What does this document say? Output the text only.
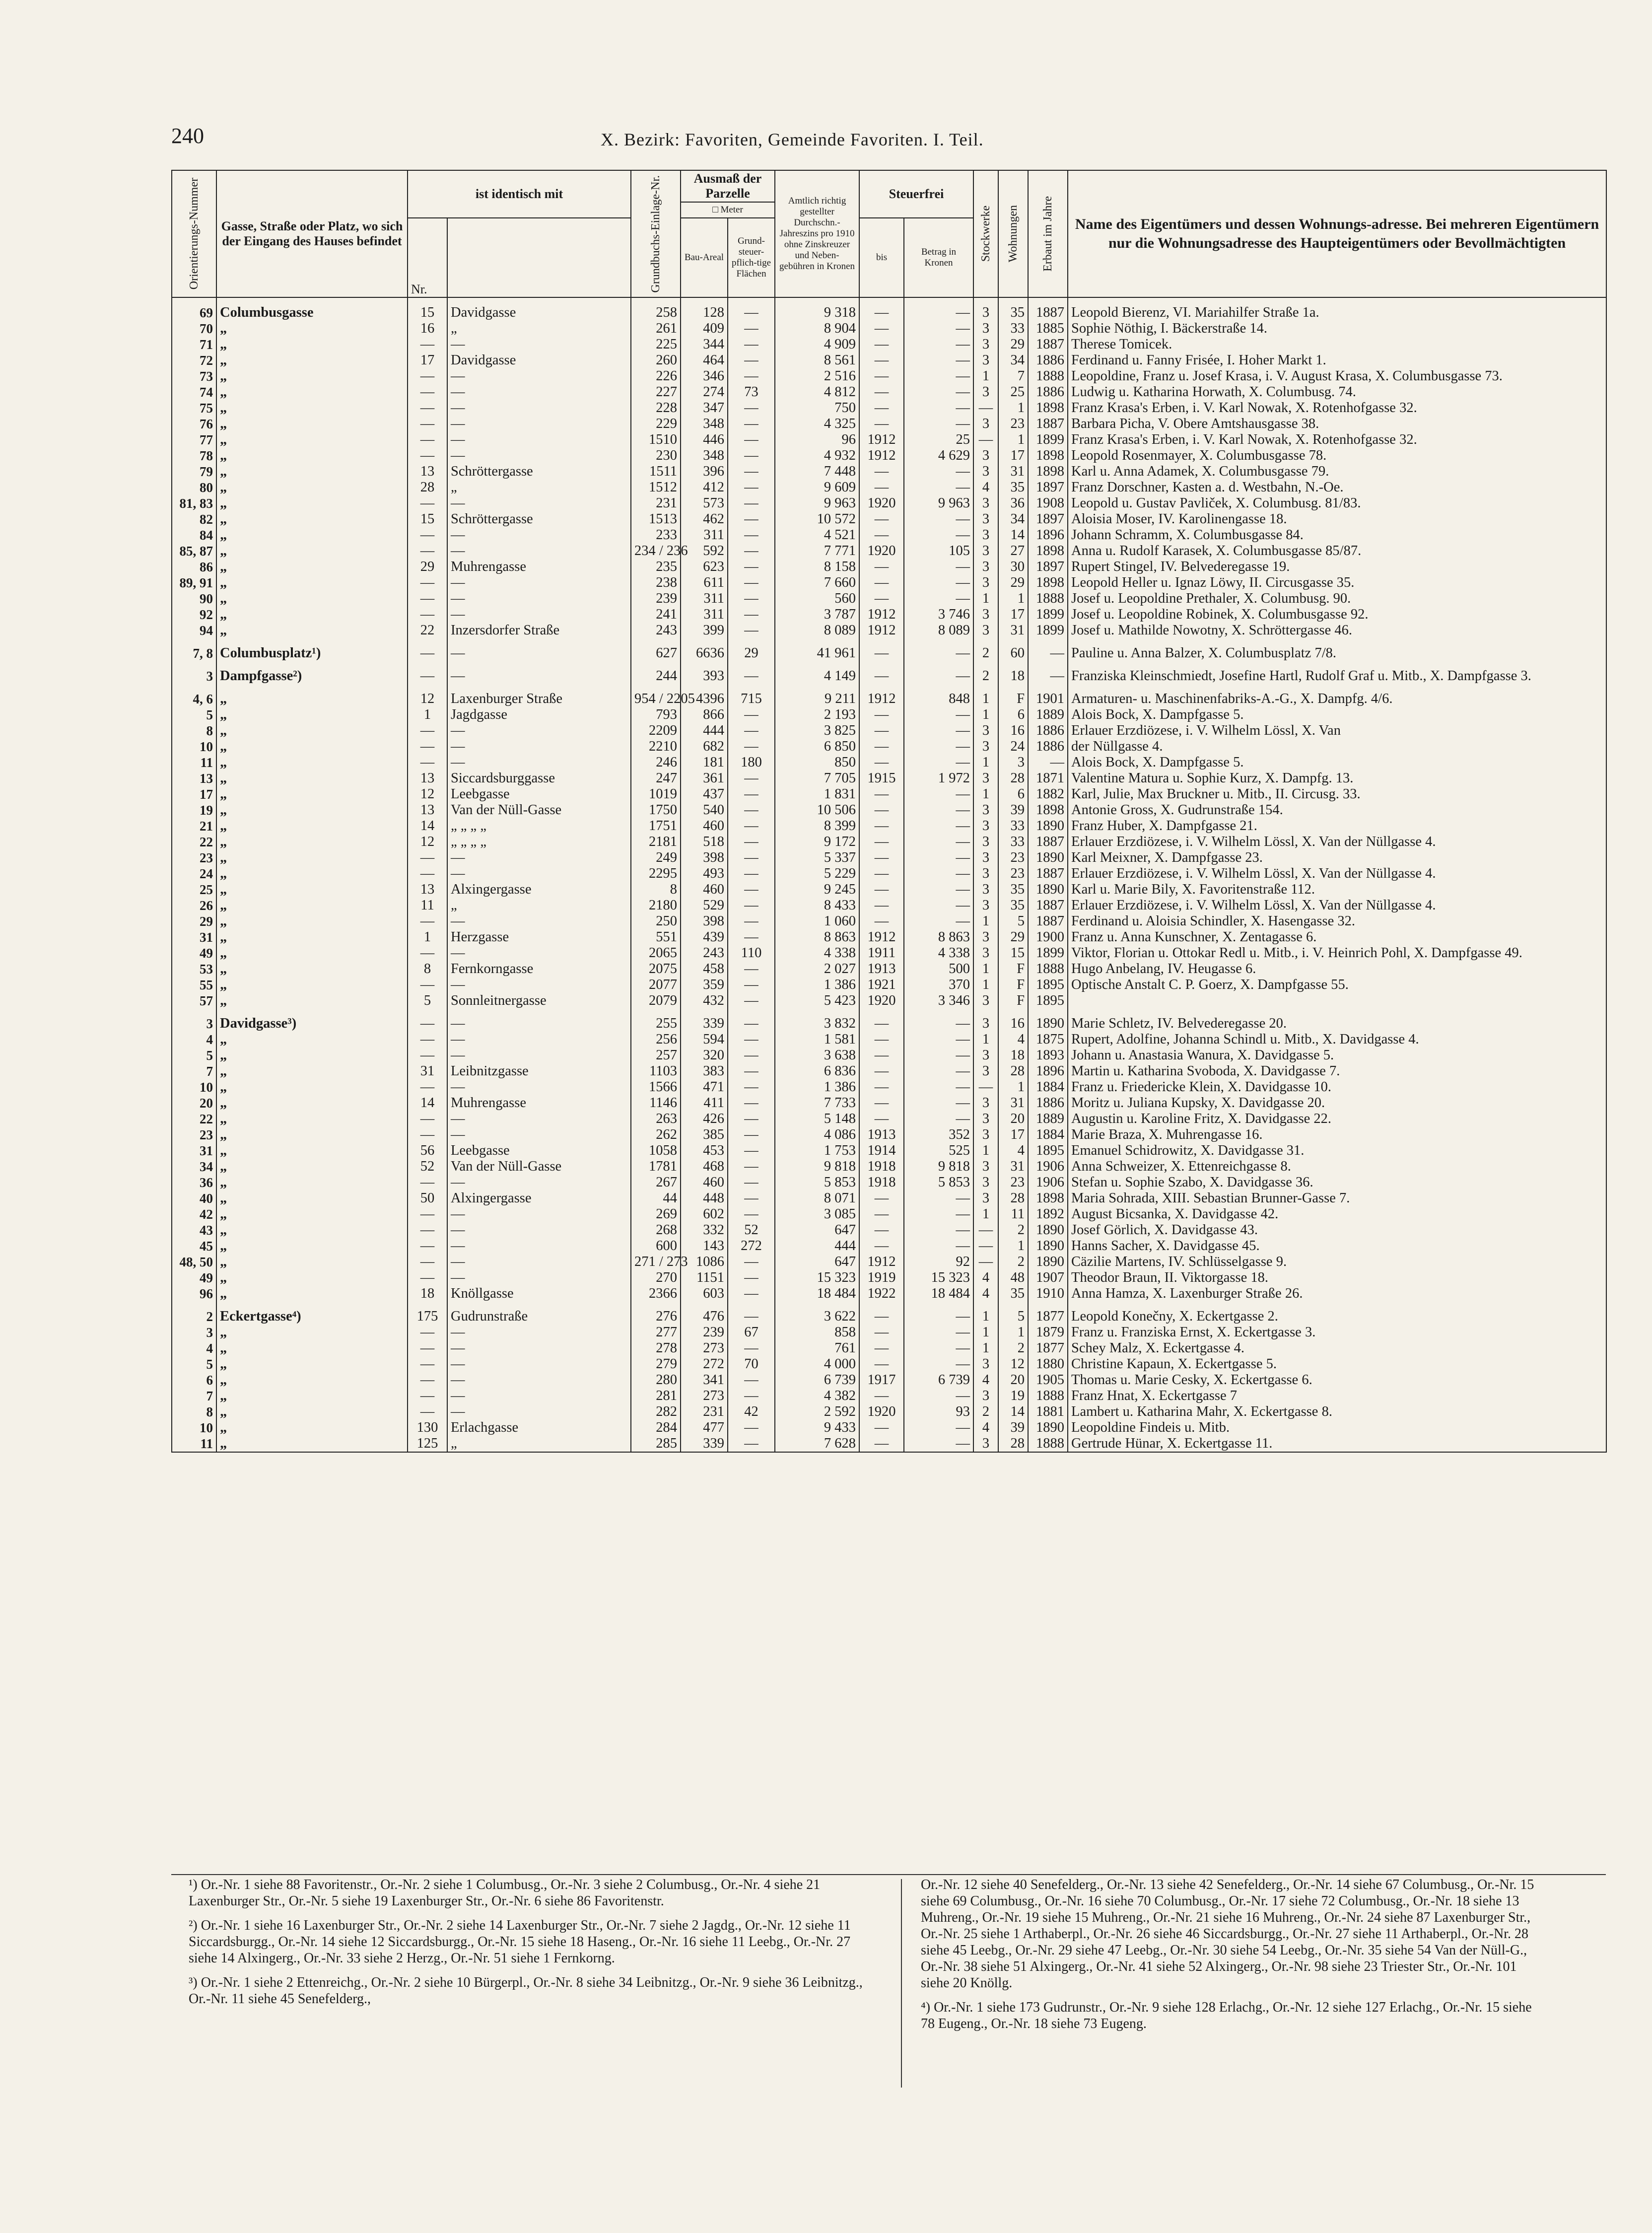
240	X. Bezirk: Favoriten, Gemeinde Favoriten. I. Teil.
Orientierungs-Nummer	Gasse, Straße oder Platz, wo sich der Eingang des Hauses befindet	ist identisch mit		Grundbuchs-Einlage-Nr.	Ausmaß der Parzelle		Amtlich richtig gestellter Durchschn.-Jahreszins pro 1910 ohne Zinskreuzer und Neben-gebühren in Kronen	Steuerfrei		Stockwerke	Wohnungen	Erbaut im Jahre	Name des Eigentümers und dessen Wohnungs-adresse. Bei mehreren Eigentümern nur die Wohnungsadresse des Haupteigentümers oder Bevollmächtigten
					□ Meter								
		Nr.			Bau-Areal	Grund-steuer-pflich-tige Flächen		bis	Betrag in Kronen				
69	Columbusgasse	15	Davidgasse	258	128	—	9 318	—	—	3	35	1887	Leopold Bierenz, VI. Mariahilfer Straße 1a.
70	„	16	„	261	409	—	8 904	—	—	3	33	1885	Sophie Nöthig, I. Bäckerstraße 14.
71	„	—	—	225	344	—	4 909	—	—	3	29	1887	Therese Tomicek.
72	„	17	Davidgasse	260	464	—	8 561	—	—	3	34	1886	Ferdinand u. Fanny Frisée, I. Hoher Markt 1.
73	„	—	—	226	346	—	2 516	—	—	1	7	1888	Leopoldine, Franz u. Josef Krasa, i. V. August Krasa, X. Columbusgasse 73.
74	„	—	—	227	274	73	4 812	—	—	3	25	1886	Ludwig u. Katharina Horwath, X. Columbusg. 74.
75	„	—	—	228	347	—	750	—	—	—	1	1898	Franz Krasa's Erben, i. V. Karl Nowak, X. Rotenhofgasse 32.
76	„	—	—	229	348	—	4 325	—	—	3	23	1887	Barbara Picha, V. Obere Amtshausgasse 38.
77	„	—	—	1510	446	—	96	1912	25	—	1	1899	Franz Krasa's Erben, i. V. Karl Nowak, X. Rotenhofgasse 32.
78	„	—	—	230	348	—	4 932	1912	4 629	3	17	1898	Leopold Rosenmayer, X. Columbusgasse 78.
79	„	13	Schröttergasse	1511	396	—	7 448	—	—	3	31	1898	Karl u. Anna Adamek, X. Columbusgasse 79.
80	„	28	„	1512	412	—	9 609	—	—	4	35	1897	Franz Dorschner, Kasten a. d. Westbahn, N.-Oe.
81, 83	„	—	—	231	573	—	9 963	1920	9 963	3	36	1908	Leopold u. Gustav Pavliček, X. Columbusg. 81/83.
82	„	15	Schröttergasse	1513	462	—	10 572	—	—	3	34	1897	Aloisia Moser, IV. Karolinengasse 18.
84	„	—	—	233	311	—	4 521	—	—	3	14	1896	Johann Schramm, X. Columbusgasse 84.
85, 87	„	—	—	234 / 236	592	—	7 771	1920	105	3	27	1898	Anna u. Rudolf Karasek, X. Columbusgasse 85/87.
86	„	29	Muhrengasse	235	623	—	8 158	—	—	3	30	1897	Rupert Stingel, IV. Belvederegasse 19.
89, 91	„	—	—	238	611	—	7 660	—	—	3	29	1898	Leopold Heller u. Ignaz Löwy, II. Circusgasse 35.
90	„	—	—	239	311	—	560	—	—	1	1	1888	Josef u. Leopoldine Prethaler, X. Columbusg. 90.
92	„	—	—	241	311	—	3 787	1912	3 746	3	17	1899	Josef u. Leopoldine Robinek, X. Columbusgasse 92.
94	„	22	Inzersdorfer Straße	243	399	—	8 089	1912	8 089	3	31	1899	Josef u. Mathilde Nowotny, X. Schröttergasse 46.
7, 8	Columbusplatz¹)	—	—	627	6636	29	41 961	—	—	2	60	—	Pauline u. Anna Balzer, X. Columbusplatz 7/8.
3	Dampfgasse²)	—	—	244	393	—	4 149	—	—	2	18	—	Franziska Kleinschmiedt, Josefine Hartl, Rudolf Graf u. Mitb., X. Dampfgasse 3.
4, 6	„	12	Laxenburger Straße	954 / 2205	4396	715	9 211	1912	848	1	F	1901	Armaturen- u. Maschinenfabriks-A.-G., X. Dampfg. 4/6.
5	„	1	Jagdgasse	793	866	—	2 193	—	—	1	6	1889	Alois Bock, X. Dampfgasse 5.
8	„	—	—	2209	444	—	3 825	—	—	3	16	1886	Erlauer Erzdiözese, i. V. Wilhelm Lössl, X. Van
10	„	—	—	2210	682	—	6 850	—	—	3	24	1886	der Nüllgasse 4.
11	„	—	—	246	181	180	850	—	—	1	3	—	Alois Bock, X. Dampfgasse 5.
13	„	13	Siccardsburggasse	247	361	—	7 705	1915	1 972	3	28	1871	Valentine Matura u. Sophie Kurz, X. Dampfg. 13.
17	„	12	Leebgasse	1019	437	—	1 831	—	—	1	6	1882	Karl, Julie, Max Bruckner u. Mitb., II. Circusg. 33.
19	„	13	Van der Nüll-Gasse	1750	540	—	10 506	—	—	3	39	1898	Antonie Gross, X. Gudrunstraße 154.
21	„	14	„ „ „ „	1751	460	—	8 399	—	—	3	33	1890	Franz Huber, X. Dampfgasse 21.
22	„	12	„ „ „ „	2181	518	—	9 172	—	—	3	33	1887	Erlauer Erzdiözese, i. V. Wilhelm Lössl, X. Van der Nüllgasse 4.
23	„	—	—	249	398	—	5 337	—	—	3	23	1890	Karl Meixner, X. Dampfgasse 23.
24	„	—	—	2295	493	—	5 229	—	—	3	23	1887	Erlauer Erzdiözese, i. V. Wilhelm Lössl, X. Van der Nüllgasse 4.
25	„	13	Alxingergasse	8	460	—	9 245	—	—	3	35	1890	Karl u. Marie Bily, X. Favoritenstraße 112.
26	„	11	„	2180	529	—	8 433	—	—	3	35	1887	Erlauer Erzdiözese, i. V. Wilhelm Lössl, X. Van der Nüllgasse 4.
29	„	—	—	250	398	—	1 060	—	—	1	5	1887	Ferdinand u. Aloisia Schindler, X. Hasengasse 32.
31	„	1	Herzgasse	551	439	—	8 863	1912	8 863	3	29	1900	Franz u. Anna Kunschner, X. Zentagasse 6.
49	„	—	—	2065	243	110	4 338	1911	4 338	3	15	1899	Viktor, Florian u. Ottokar Redl u. Mitb., i. V. Heinrich Pohl, X. Dampfgasse 49.
53	„	8	Fernkorngasse	2075	458	—	2 027	1913	500	1	F	1888	Hugo Anbelang, IV. Heugasse 6.
55	„	—	—	2077	359	—	1 386	1921	370	1	F	1895	Optische Anstalt C. P. Goerz, X. Dampfgasse 55.
57	„	5	Sonnleitnergasse	2079	432	—	5 423	1920	3 346	3	F	1895	
3	Davidgasse³)	—	—	255	339	—	3 832	—	—	3	16	1890	Marie Schletz, IV. Belvederegasse 20.
4	„	—	—	256	594	—	1 581	—	—	1	4	1875	Rupert, Adolfine, Johanna Schindl u. Mitb., X. Davidgasse 4.
5	„	—	—	257	320	—	3 638	—	—	3	18	1893	Johann u. Anastasia Wanura, X. Davidgasse 5.
7	„	31	Leibnitzgasse	1103	383	—	6 836	—	—	3	28	1896	Martin u. Katharina Svoboda, X. Davidgasse 7.
10	„	—	—	1566	471	—	1 386	—	—	—	1	1884	Franz u. Friedericke Klein, X. Davidgasse 10.
20	„	14	Muhrengasse	1146	411	—	7 733	—	—	3	31	1886	Moritz u. Juliana Kupsky, X. Davidgasse 20.
22	„	—	—	263	426	—	5 148	—	—	3	20	1889	Augustin u. Karoline Fritz, X. Davidgasse 22.
23	„	—	—	262	385	—	4 086	1913	352	3	17	1884	Marie Braza, X. Muhrengasse 16.
31	„	56	Leebgasse	1058	453	—	1 753	1914	525	1	4	1895	Emanuel Schidrowitz, X. Davidgasse 31.
34	„	52	Van der Nüll-Gasse	1781	468	—	9 818	1918	9 818	3	31	1906	Anna Schweizer, X. Ettenreichgasse 8.
36	„	—	—	267	460	—	5 853	1918	5 853	3	23	1906	Stefan u. Sophie Szabo, X. Davidgasse 36.
40	„	50	Alxingergasse	44	448	—	8 071	—	—	3	28	1898	Maria Sohrada, XIII. Sebastian Brunner-Gasse 7.
42	„	—	—	269	602	—	3 085	—	—	1	11	1892	August Bicsanka, X. Davidgasse 42.
43	„	—	—	268	332	52	647	—	—	—	2	1890	Josef Görlich, X. Davidgasse 43.
45	„	—	—	600	143	272	444	—	—	—	1	1890	Hanns Sacher, X. Davidgasse 45.
48, 50	„	—	—	271 / 273	1086	—	647	1912	92	—	2	1890	Cäzilie Martens, IV. Schlüsselgasse 9.
49	„	—	—	270	1151	—	15 323	1919	15 323	4	48	1907	Theodor Braun, II. Viktorgasse 18.
96	„	18	Knöllgasse	2366	603	—	18 484	1922	18 484	4	35	1910	Anna Hamza, X. Laxenburger Straße 26.
2	Eckertgasse⁴)	175	Gudrunstraße	276	476	—	3 622	—	—	1	5	1877	Leopold Konečny, X. Eckertgasse 2.
3	„	—	—	277	239	67	858	—	—	1	1	1879	Franz u. Franziska Ernst, X. Eckertgasse 3.
4	„	—	—	278	273	—	761	—	—	1	2	1877	Schey Malz, X. Eckertgasse 4.
5	„	—	—	279	272	70	4 000	—	—	3	12	1880	Christine Kapaun, X. Eckertgasse 5.
6	„	—	—	280	341	—	6 739	1917	6 739	4	20	1905	Thomas u. Marie Cesky, X. Eckertgasse 6.
7	„	—	—	281	273	—	4 382	—	—	3	19	1888	Franz Hnat, X. Eckertgasse 7
8	„	—	—	282	231	42	2 592	1920	93	2	14	1881	Lambert u. Katharina Mahr, X. Eckertgasse 8.
10	„	130	Erlachgasse	284	477	—	9 433	—	—	4	39	1890	Leopoldine Findeis u. Mitb.
11	„	125	„	285	339	—	7 628	—	—	3	28	1888	Gertrude Hünar, X. Eckertgasse 11.

¹) Or.-Nr. 1 siehe 88 Favoritenstr., Or.-Nr. 2 siehe 1 Columbusg., Or.-Nr. 3 siehe 2 Columbusg., Or.-Nr. 4 siehe 21 Laxenburger Str., Or.-Nr. 5 siehe 19 Laxenburger Str., Or.-Nr. 6 siehe 86 Favoritenstr.

²) Or.-Nr. 1 siehe 16 Laxenburger Str., Or.-Nr. 2 siehe 14 Laxenburger Str., Or.-Nr. 7 siehe 2 Jagdg., Or.-Nr. 12 siehe 11 Siccardsburgg., Or.-Nr. 14 siehe 12 Siccardsburgg., Or.-Nr. 15 siehe 18 Haseng., Or.-Nr. 16 siehe 11 Leebg., Or.-Nr. 27 siehe 14 Alxingerg., Or.-Nr. 33 siehe 2 Herzg., Or.-Nr. 51 siehe 1 Fernkorng.

³) Or.-Nr. 1 siehe 2 Ettenreichg., Or.-Nr. 2 siehe 10 Bürgerpl., Or.-Nr. 8 siehe 34 Leibnitzg., Or.-Nr. 9 siehe 36 Leibnitzg., Or.-Nr. 11 siehe 45 Senefelderg.,

Or.-Nr. 12 siehe 40 Senefelderg., Or.-Nr. 13 siehe 42 Senefelderg., Or.-Nr. 14 siehe 67 Columbusg., Or.-Nr. 15 siehe 69 Columbusg., Or.-Nr. 16 siehe 70 Columbusg., Or.-Nr. 17 siehe 72 Columbusg., Or.-Nr. 18 siehe 13 Muhreng., Or.-Nr. 19 siehe 15 Muhreng., Or.-Nr. 21 siehe 16 Muhreng., Or.-Nr. 24 siehe 87 Laxenburger Str., Or.-Nr. 25 siehe 1 Arthaberpl., Or.-Nr. 26 siehe 46 Siccardsburgg., Or.-Nr. 27 siehe 11 Arthaberpl., Or.-Nr. 28 siehe 45 Leebg., Or.-Nr. 29 siehe 47 Leebg., Or.-Nr. 30 siehe 54 Leebg., Or.-Nr. 35 siehe 54 Van der Nüll-G., Or.-Nr. 38 siehe 51 Alxingerg., Or.-Nr. 41 siehe 52 Alxingerg., Or.-Nr. 98 siehe 23 Triester Str., Or.-Nr. 101 siehe 20 Knöllg.

⁴) Or.-Nr. 1 siehe 173 Gudrunstr., Or.-Nr. 9 siehe 128 Erlachg., Or.-Nr. 12 siehe 127 Erlachg., Or.-Nr. 15 siehe 78 Eugeng., Or.-Nr. 18 siehe 73 Eugeng.
